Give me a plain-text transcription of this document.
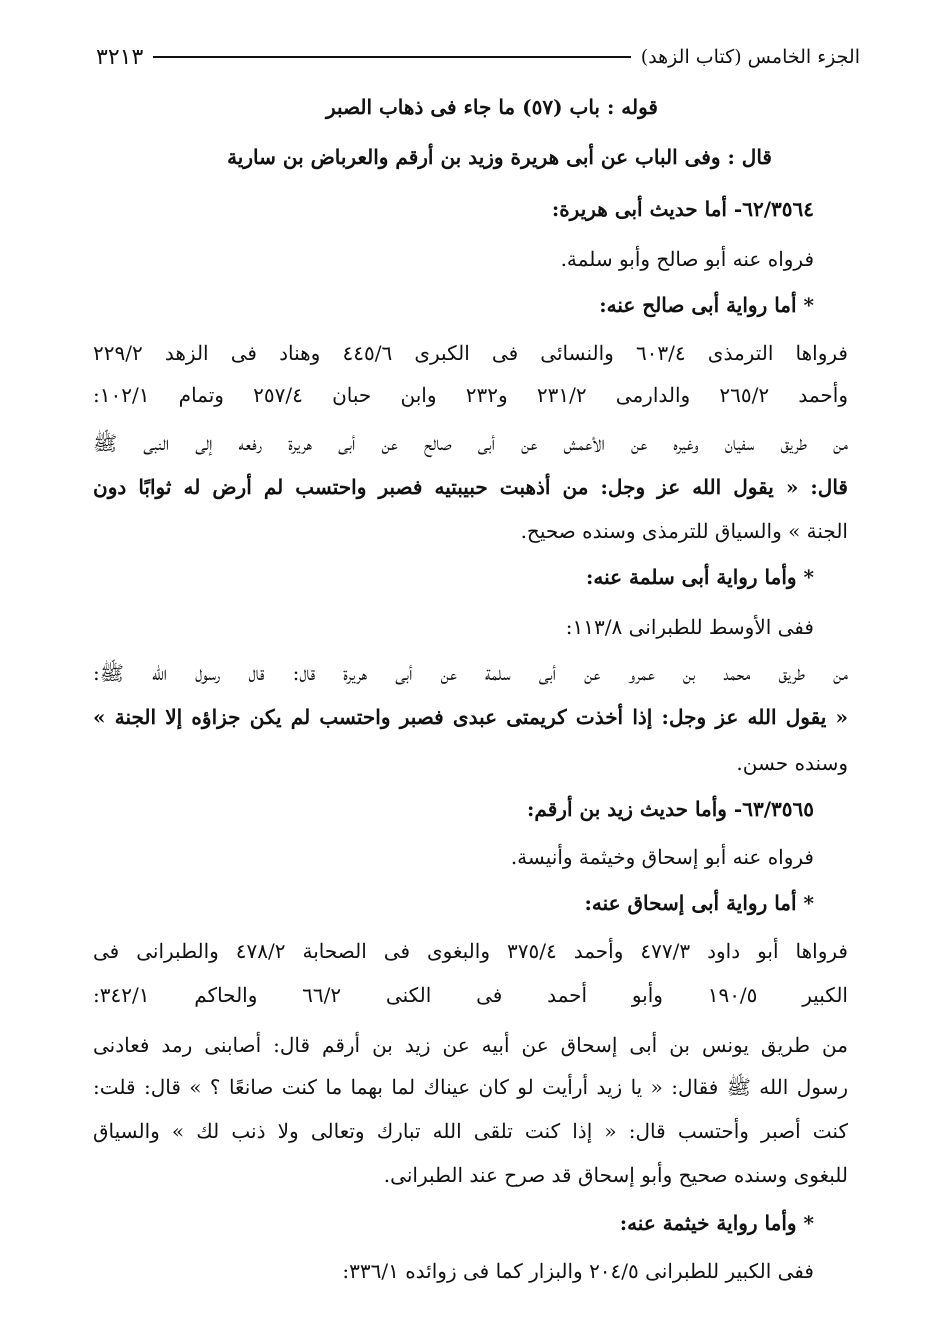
الجزء الخامس (كتاب الزهد)
٣٢١٣
قوله : باب (٥٧) ما جاء فى ذهاب الصبر
قال : وفى الباب عن أبى هريرة وزيد بن أرقم والعرباض بن سارية
٦٢/٣٥٦٤- أما حديث أبى هريرة:
فرواه عنه أبو صالح وأبو سلمة.
* أما رواية أبى صالح عنه:
فرواها الترمذى ٦٠٣/٤ والنسائى فى الكبرى ٤٤٥/٦ وهناد فى الزهد ٢٢٩/٢
وأحمد ٢٦٥/٢ والدارمى ٢٣١/٢ و٢٣٢ وابن حبان ٢٥٧/٤ وتمام ١٠٢/١:
من طريق سفيان وغيره عن الأعمش عن أبى صالح عن أبى هريرة رفعه إلى النبى ﷺ
قال: « يقول الله عز وجل: من أذهبت حبيبتيه فصبر واحتسب لم أرض له ثوابًا دون
الجنة » والسياق للترمذى وسنده صحيح.
* وأما رواية أبى سلمة عنه:
ففى الأوسط للطبرانى ١١٣/٨:
من طريق محمد بن عمرو عن أبى سلمة عن أبى هريرة قال: قال رسول الله ﷺ:
« يقول الله عز وجل: إذا أخذت كريمتى عبدى فصبر واحتسب لم يكن جزاؤه إلا الجنة »
وسنده حسن.
٦٣/٣٥٦٥- وأما حديث زيد بن أرقم:
فرواه عنه أبو إسحاق وخيثمة وأنيسة.
* أما رواية أبى إسحاق عنه:
فرواها أبو داود ٤٧٧/٣ وأحمد ٣٧٥/٤ والبغوى فى الصحابة ٤٧٨/٢ والطبرانى فى
الكبير ١٩٠/٥ وأبو أحمد فى الكنى ٦٦/٢ والحاكم ٣٤٢/١:
من طريق يونس بن أبى إسحاق عن أبيه عن زيد بن أرقم قال: أصابنى رمد فعادنى
رسول الله ﷺ فقال: « يا زيد أرأيت لو كان عيناك لما بهما ما كنت صانعًا ؟ » قال: قلت:
كنت أصبر وأحتسب قال: « إذا كنت تلقى الله تبارك وتعالى ولا ذنب لك » والسياق
للبغوى وسنده صحيح وأبو إسحاق قد صرح عند الطبرانى.
* وأما رواية خيثمة عنه:
ففى الكبير للطبرانى ٢٠٤/٥ والبزار كما فى زوائده ٣٣٦/١:
